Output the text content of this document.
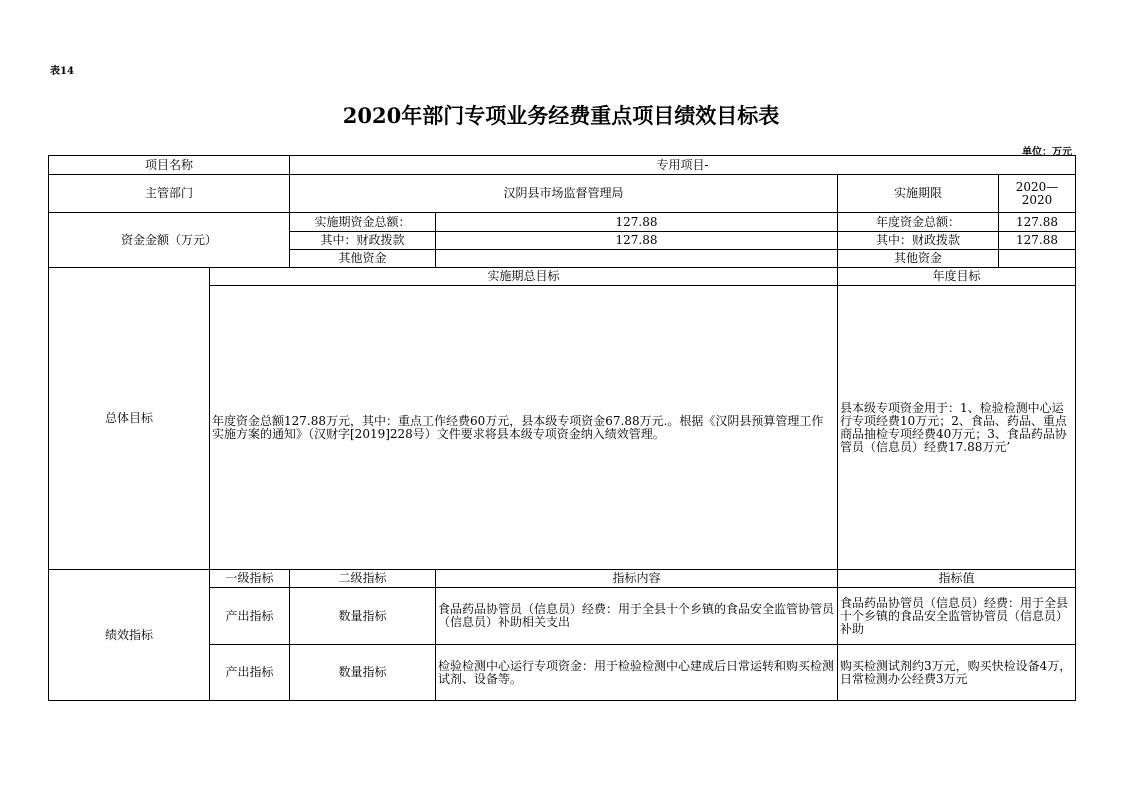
表14
2020年部门专项业务经费重点项目绩效目标表
单位：万元
项目名称		专用项目-			
主管部门		汉阴县市场监督管理局		实施期限	2020—2020
资金金额（万元）		实施期资金总额：	127.88	年度资金总额：	127.88
		其中：财政拨款	127.88	其中：财政拨款	127.88
		其他资金		其他资金	
总体目标	实施期总目标			年度目标	
	年度资金总额127.88万元，其中：重点工作经费60万元，县本级专项资金67.88万元.。根据《汉阴县预算管理工作实施方案的通知》（汉财字[2019]228号）文件要求将县本级专项资金纳入绩效管理。			县本级专项资金用于：1、检验检测中心运行专项经费10万元；2、食品、药品、重点商品抽检专项经费40万元；3、食品药品协管员（信息员）经费17.88万元’	
绩效指标	一级指标	二级指标	指标内容	指标值	
	产出指标	数量指标	食品药品协管员（信息员）经费：用于全县十个乡镇的食品安全监管协管员（信息员）补助相关支出	食品药品协管员（信息员）经费：用于全县十个乡镇的食品安全监管协管员（信息员）补助	
	产出指标	数量指标	检验检测中心运行专项资金：用于检验检测中心建成后日常运转和购买检测试剂、设备等。	购买检测试剂约3万元，购买快检设备4万，日常检测办公经费3万元	
